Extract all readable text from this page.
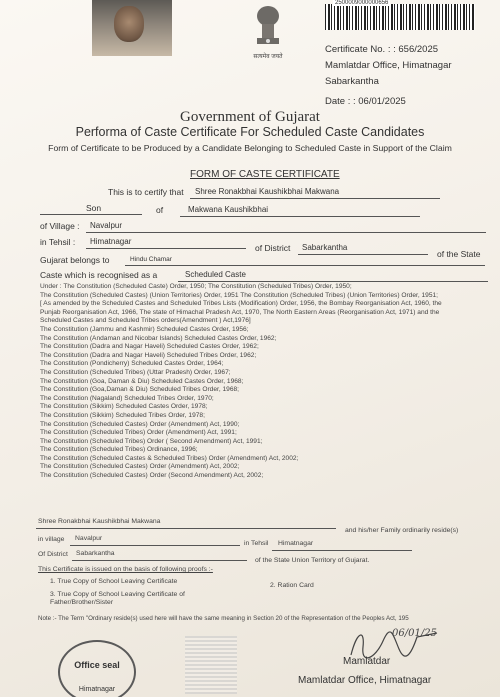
सत्यमेव जयते
2500009000000656
Certificate No. : : 656/2025
Mamlatdar Office, Himatnagar
Sabarkantha
Date : : 06/01/2025
Government of Gujarat
Performa of Caste Certificate For Scheduled Caste Candidates
Form of Certificate to be Produced by a Candidate Belonging to Scheduled Caste in Support of the Claim
FORM OF CASTE CERTIFICATE
This is to certify that Shree Ronakbhai Kaushikbhai Makwana
Son	of	Makwana Kaushikbhai
of Village : Navalpur
in Tehsil : Himatnagar
of District Sabarkantha
of the State
Gujarat belongs to	Hindu Chamar
Caste which is recognised as a	Scheduled Caste
Under : The Constitution (Scheduled Caste) Order, 1950; The Constitution (Scheduled Tribes) Order, 1950;
The Constitution (Scheduled Castes) (Union Territories) Order, 1951 The Constitution (Scheduled Tribes) (Union Territories) Order, 1951;
[ As amended by the Scheduled Castes and Scheduled Tribes Lists (Modification) Order, 1956, the Bombay Reorganisation Act, 1960, the
Punjab Reorganisation Act, 1966, The state of Himachal Pradesh Act, 1970, The North Eastern Areas (Reorganisation Act, 1971) and the
Scheduled Castes and Scheduled Tribes orders(Amendment ) Act,1976]
The Constitution (Jammu and Kashmir) Scheduled Castes Order, 1956;
The Constitution (Andaman and Nicobar Islands) Scheduled Castes Order, 1962;
The Constitution (Dadra and Nagar Haveli) Scheduled Castes Order, 1962;
The Constitution (Dadra and Nagar Haveli) Scheduled Tribes Order, 1962;
The Constitution (Pondicherry) Scheduled Castes Order, 1964;
The Constitution (Scheduled Tribes) (Uttar Pradesh) Order, 1967;
The Constitution (Goa, Daman & Diu) Scheduled Castes Order, 1968;
The Constitution (Goa,Daman & Diu) Scheduled Tribes Order, 1968;
The Constitution (Nagaland) Scheduled Tribes Order, 1970;
The Constitution (Sikkim) Scheduled Castes Order, 1978;
The Constitution (Sikkim) Scheduled Tribes Order, 1978;
The Constitution (Scheduled Castes) Order (Amendment) Act, 1990;
The Constitution (Scheduled Tribes) Order (Amendment) Act, 1991;
The Constitution (Scheduled Tribes) Order ( Second Amendment) Act, 1991;
The Constitution (Scheduled Tribes) Ordinance, 1996;
The Constitution (Scheduled Castes & Scheduled Tribes) Order (Amendment) Act, 2002;
The Constitution (Scheduled Castes) Order (Amendment) Act, 2002;
The Constitution (Scheduled Castes) Order (Second Amendment) Act, 2002;
Shree Ronakbhai Kaushikbhai Makwana
and his/her Family ordinarily reside(s)
in village Navalpur
in Tehsil Himatnagar
Of District Sabarkantha
of the State Union Territory of Gujarat.
This Certificate is issued on the basis of following proofs :-
1. True Copy of School Leaving Certificate
2. Ration Card
3. True Copy of School Leaving Certificate of Father/Brother/Sister
Note :- The Term "Ordinary reside(s) used here will have the same meaning in Section 20 of the Representation of the Peoples Act, 195
Office seal
Himatnagar
06/01/25
Mamlatdar
Mamlatdar Office, Himatnagar
